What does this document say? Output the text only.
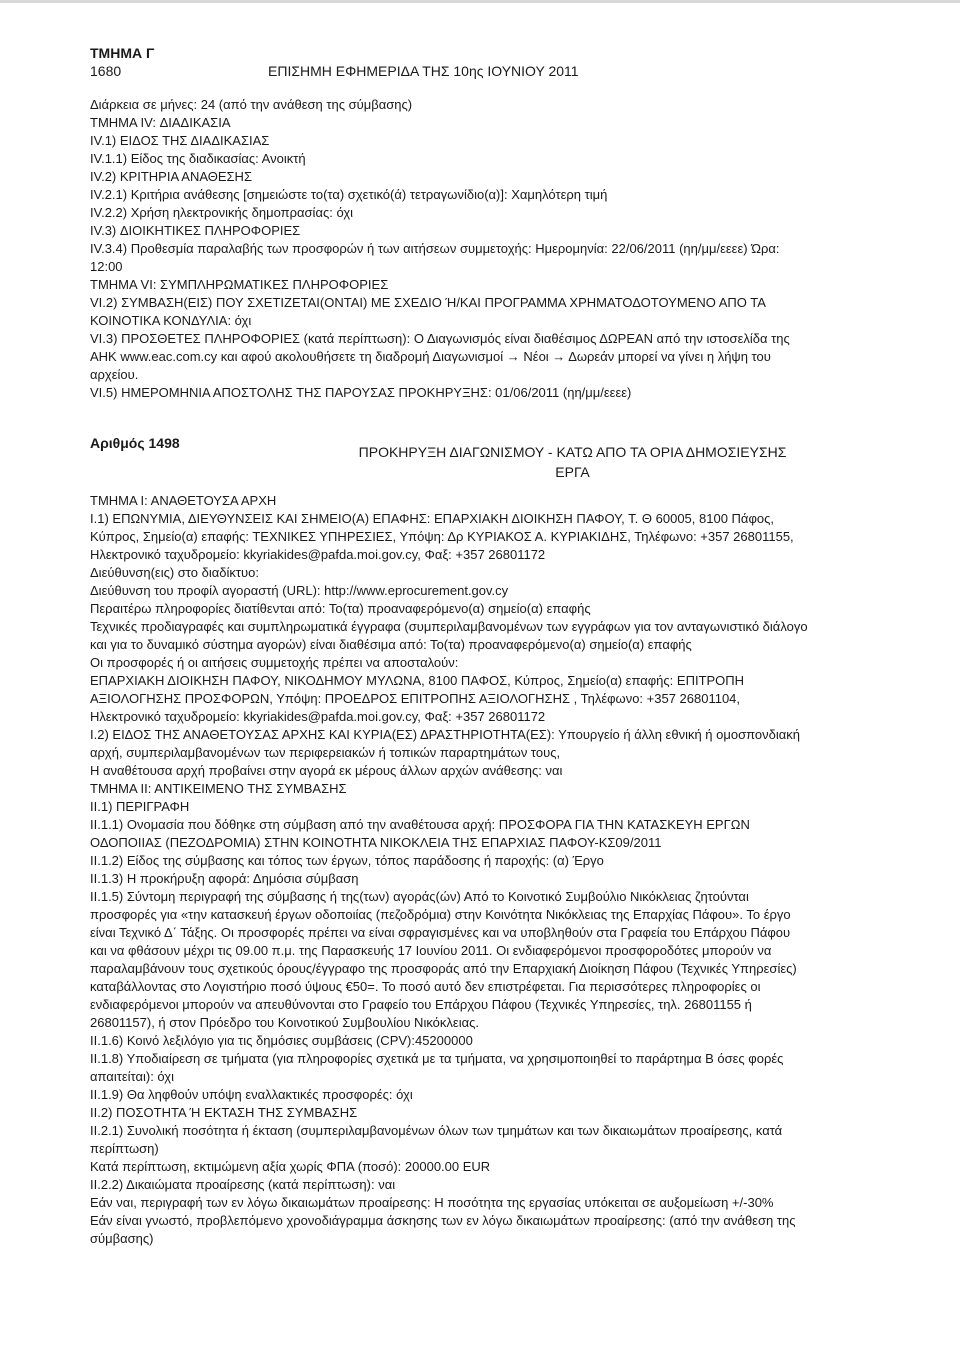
ΤΜΗΜΑ Γ
1680	ΕΠΙΣΗΜΗ ΕΦΗΜΕΡΙΔΑ ΤΗΣ 10ης ΙΟΥΝΙΟΥ 2011
Διάρκεια σε μήνες: 24 (από την ανάθεση της σύμβασης)
ΤΜΗΜΑ IV: ΔΙΑΔΙΚΑΣΙΑ
IV.1) ΕΙΔΟΣ ΤΗΣ ΔΙΑΔΙΚΑΣΙΑΣ
IV.1.1) Είδος της διαδικασίας: Ανοικτή
IV.2) ΚΡΙΤΗΡΙΑ ΑΝΑΘΕΣΗΣ
IV.2.1) Κριτήρια ανάθεσης [σημειώστε το(τα) σχετικό(ά) τετραγωνίδιο(α)]: Χαμηλότερη τιμή
IV.2.2) Χρήση ηλεκτρονικής δημοπρασίας: όχι
IV.3) ΔΙΟΙΚΗΤΙΚΕΣ ΠΛΗΡΟΦΟΡΙΕΣ
IV.3.4) Προθεσμία παραλαβής των προσφορών ή των αιτήσεων συμμετοχής: Ημερομηνία: 22/06/2011 (ηη/μμ/εεεε) Ώρα:
12:00
ΤΜΗΜΑ VI: ΣΥΜΠΛΗΡΩΜΑΤΙΚΕΣ ΠΛΗΡΟΦΟΡΙΕΣ
VI.2) ΣΥΜΒΑΣΗ(ΕΙΣ) ΠΟΥ ΣΧΕΤΙΖΕΤΑΙ(ΟΝΤΑΙ) ΜΕ ΣΧΕΔΙΟ Ή/ΚΑΙ ΠΡΟΓΡΑΜΜΑ ΧΡΗΜΑΤΟΔΟΤΟΥΜΕΝΟ ΑΠΟ ΤΑ
ΚΟΙΝΟΤΙΚΑ ΚΟΝΔΥΛΙΑ: όχι
VI.3) ΠΡΟΣΘΕΤΕΣ ΠΛΗΡΟΦΟΡΙΕΣ (κατά περίπτωση): Ο Διαγωνισμός είναι διαθέσιμος ΔΩΡΕΑΝ από την ιστοσελίδα της
ΑΗΚ www.eac.com.cy και αφού ακολουθήσετε τη διαδρομή Διαγωνισμοί → Νέοι → Δωρεάν μπορεί να γίνει η λήψη του
αρχείου.
VI.5) ΗΜΕΡΟΜΗΝΙΑ ΑΠΟΣΤΟΛΗΣ ΤΗΣ ΠΑΡΟΥΣΑΣ ΠΡΟΚΗΡΥΞΗΣ: 01/06/2011 (ηη/μμ/εεεε)
Αριθμός 1498
ΠΡΟΚΗΡΥΞΗ ΔΙΑΓΩΝΙΣΜΟΥ - ΚΑΤΩ ΑΠΟ ΤΑ ΟΡΙΑ ΔΗΜΟΣΙΕΥΣΗΣ
ΕΡΓΑ
ΤΜΗΜΑ Ι: ΑΝΑΘΕΤΟΥΣΑ ΑΡΧΗ
Ι.1) ΕΠΩΝΥΜΙΑ, ΔΙΕΥΘΥΝΣΕΙΣ ΚΑΙ ΣΗΜΕΙΟ(Α) ΕΠΑΦΗΣ: ΕΠΑΡΧΙΑΚΗ ΔΙΟΙΚΗΣΗ ΠΑΦΟΥ, Τ. Θ 60005, 8100 Πάφος,
Κύπρος, Σημείο(α) επαφής: ΤΕΧΝΙΚΕΣ ΥΠΗΡΕΣΙΕΣ, Υπόψη: Δρ ΚΥΡΙΑΚΟΣ Α. ΚΥΡΙΑΚΙΔΗΣ, Τηλέφωνο: +357 26801155,
Ηλεκτρονικό ταχυδρομείο: kkyriakides@pafda.moi.gov.cy, Φαξ: +357 26801172
Διεύθυνση(εις) στο διαδίκτυο:
Διεύθυνση του προφίλ αγοραστή (URL): http://www.eprocurement.gov.cy
Περαιτέρω πληροφορίες διατίθενται από: Το(τα) προαναφερόμενο(α) σημείο(α) επαφής
Τεχνικές προδιαγραφές και συμπληρωματικά έγγραφα (συμπεριλαμβανομένων των εγγράφων για τον ανταγωνιστικό διάλογο
και για το δυναμικό σύστημα αγορών) είναι διαθέσιμα από: Το(τα) προαναφερόμενο(α) σημείο(α) επαφής
Οι προσφορές ή οι αιτήσεις συμμετοχής πρέπει να αποσταλούν:
ΕΠΑΡΧΙΑΚΗ ΔΙΟΙΚΗΣΗ ΠΑΦΟΥ, ΝΙΚΟΔΗΜΟΥ ΜΥΛΩΝΑ, 8100 ΠΑΦΟΣ, Κύπρος, Σημείο(α) επαφής: ΕΠΙΤΡΟΠΗ
ΑΞΙΟΛΟΓΗΣΗΣ ΠΡΟΣΦΟΡΩΝ, Υπόψη: ΠΡΟΕΔΡΟΣ ΕΠΙΤΡΟΠΗΣ ΑΞΙΟΛΟΓΗΣΗΣ , Τηλέφωνο: +357 26801104,
Ηλεκτρονικό ταχυδρομείο: kkyriakides@pafda.moi.gov.cy, Φαξ: +357 26801172
Ι.2) ΕΙΔΟΣ ΤΗΣ ΑΝΑΘΕΤΟΥΣΑΣ ΑΡΧΗΣ ΚΑΙ ΚΥΡΙΑ(ΕΣ) ΔΡΑΣΤΗΡΙΟΤΗΤΑ(ΕΣ): Υπουργείο ή άλλη εθνική ή ομοσπονδιακή
αρχή, συμπεριλαμβανομένων των περιφερειακών ή τοπικών παραρτημάτων τους,
Η αναθέτουσα αρχή προβαίνει στην αγορά εκ μέρους άλλων αρχών ανάθεσης: ναι
ΤΜΗΜΑ ΙΙ: ΑΝΤΙΚΕΙΜΕΝΟ ΤΗΣ ΣΥΜΒΑΣΗΣ
ΙΙ.1) ΠΕΡΙΓΡΑΦΗ
ΙΙ.1.1) Ονομασία που δόθηκε στη σύμβαση από την αναθέτουσα αρχή: ΠΡΟΣΦΟΡΑ ΓΙΑ ΤΗΝ ΚΑΤΑΣΚΕΥΗ ΕΡΓΩΝ
ΟΔΟΠΟΙΙΑΣ (ΠΕΖΟΔΡΟΜΙΑ) ΣΤΗΝ ΚΟΙΝΟΤΗΤΑ ΝΙΚΟΚΛΕΙΑ ΤΗΣ ΕΠΑΡΧΙΑΣ ΠΑΦΟΥ-ΚΣ09/2011
ΙΙ.1.2) Είδος της σύμβασης και τόπος των έργων, τόπος παράδοσης ή παροχής: (α) Έργο
ΙΙ.1.3) Η προκήρυξη αφορά: Δημόσια σύμβαση
ΙΙ.1.5) Σύντομη περιγραφή της σύμβασης ή της(των) αγοράς(ών) Από το Κοινοτικό Συμβούλιο Νικόκλειας ζητούνται
προσφορές για «την κατασκευή έργων οδοποιίας (πεζοδρόμια) στην Κοινότητα Νικόκλειας της Επαρχίας Πάφου». Το έργο
είναι Τεχνικό Δ΄ Τάξης. Οι προσφορές πρέπει να είναι σφραγισμένες και να υποβληθούν στα Γραφεία του Επάρχου Πάφου
και να φθάσουν μέχρι τις 09.00 π.μ. της Παρασκευής 17 Ιουνίου 2011. Οι ενδιαφερόμενοι προσφοροδότες μπορούν να
παραλαμβάνουν τους σχετικούς όρους/έγγραφο της προσφοράς από την Επαρχιακή Διοίκηση Πάφου (Τεχνικές Υπηρεσίες)
καταβάλλοντας στο Λογιστήριο ποσό ύψους €50=. Το ποσό αυτό δεν επιστρέφεται. Για περισσότερες πληροφορίες οι
ενδιαφερόμενοι μπορούν να απευθύνονται στο Γραφείο του Επάρχου Πάφου (Τεχνικές Υπηρεσίες, τηλ. 26801155 ή
26801157), ή στον Πρόεδρο του Κοινοτικού Συμβουλίου Νικόκλειας.
ΙΙ.1.6) Κοινό λεξιλόγιο για τις δημόσιες συμβάσεις (CPV):45200000
ΙΙ.1.8) Υποδιαίρεση σε τμήματα (για πληροφορίες σχετικά με τα τμήματα, να χρησιμοποιηθεί το παράρτημα Β όσες φορές
απαιτείται): όχι
ΙΙ.1.9) Θα ληφθούν υπόψη εναλλακτικές προσφορές: όχι
ΙΙ.2) ΠΟΣΟΤΗΤΑ Ή ΕΚΤΑΣΗ ΤΗΣ ΣΥΜΒΑΣΗΣ
ΙΙ.2.1) Συνολική ποσότητα ή έκταση (συμπεριλαμβανομένων όλων των τμημάτων και των δικαιωμάτων προαίρεσης, κατά
περίπτωση)
Κατά περίπτωση, εκτιμώμενη αξία χωρίς ΦΠΑ (ποσό): 20000.00 EUR
ΙΙ.2.2) Δικαιώματα προαίρεσης (κατά περίπτωση): ναι
Εάν ναι, περιγραφή των εν λόγω δικαιωμάτων προαίρεσης: Η ποσότητα της εργασίας υπόκειται σε αυξομείωση +/-30%
Εάν είναι γνωστό, προβλεπόμενο χρονοδιάγραμμα άσκησης των εν λόγω δικαιωμάτων προαίρεσης: (από την ανάθεση της
σύμβασης)
